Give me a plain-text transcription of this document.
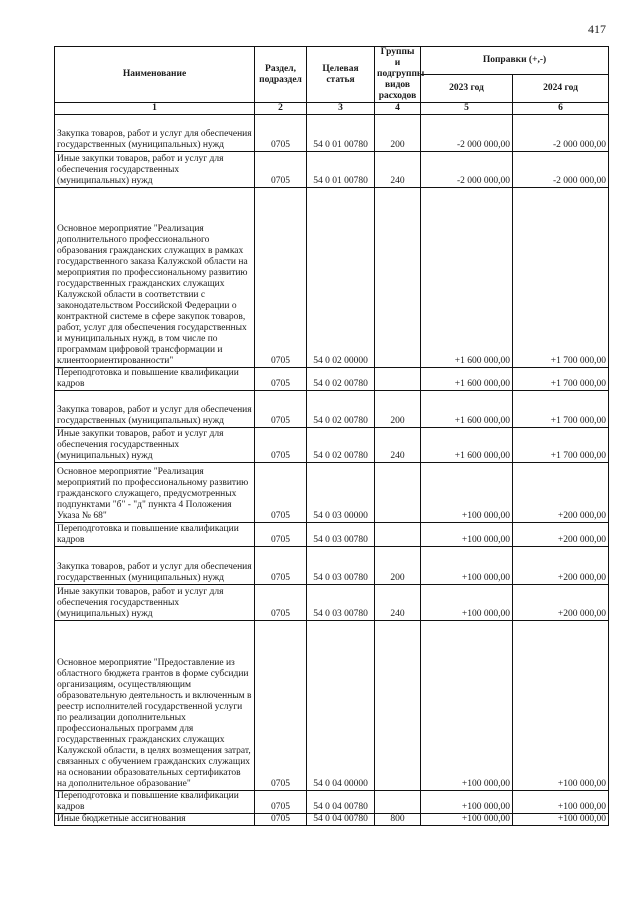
417
Наименование	Раздел, подраздел	Целевая статья	Группы и подгруппы видов расходов	Поправки (+,-)	
				2023 год	2024 год
1	2	3	4	5	6
Закупка товаров, работ и услуг для обеспечения государственных (муниципальных) нужд	0705	54 0 01 00780	200	-2 000 000,00	-2 000 000,00
Иные закупки товаров, работ и услуг для обеспечения государственных (муниципальных) нужд	0705	54 0 01 00780	240	-2 000 000,00	-2 000 000,00
Основное мероприятие "Реализация дополнительного профессионального образования гражданских служащих в рамках государственного заказа Калужской области на мероприятия по профессиональному развитию государственных гражданских служащих Калужской области в соответствии с законодательством Российской Федерации о контрактной системе в сфере закупок товаров, работ, услуг для обеспечения государственных и муниципальных нужд, в том числе по программам цифровой трансформации и клиентоориентированности"	0705	54 0 02 00000		+1 600 000,00	+1 700 000,00
Переподготовка и повышение квалификации кадров	0705	54 0 02 00780		+1 600 000,00	+1 700 000,00
Закупка товаров, работ и услуг для обеспечения государственных (муниципальных) нужд	0705	54 0 02 00780	200	+1 600 000,00	+1 700 000,00
Иные закупки товаров, работ и услуг для обеспечения государственных (муниципальных) нужд	0705	54 0 02 00780	240	+1 600 000,00	+1 700 000,00
Основное мероприятие "Реализация мероприятий по профессиональному развитию гражданского служащего, предусмотренных подпунктами "б" - "д" пункта 4 Положения Указа № 68"	0705	54 0 03 00000		+100 000,00	+200 000,00
Переподготовка и повышение квалификации кадров	0705	54 0 03 00780		+100 000,00	+200 000,00
Закупка товаров, работ и услуг для обеспечения государственных (муниципальных) нужд	0705	54 0 03 00780	200	+100 000,00	+200 000,00
Иные закупки товаров, работ и услуг для обеспечения государственных (муниципальных) нужд	0705	54 0 03 00780	240	+100 000,00	+200 000,00
Основное мероприятие "Предоставление из областного бюджета грантов в форме субсидии организациям, осуществляющим образовательную деятельность и включенным в реестр исполнителей государственной услуги по реализации дополнительных профессиональных программ для государственных гражданских служащих Калужской области, в целях возмещения затрат, связанных с обучением гражданских служащих на основании образовательных сертификатов на дополнительное образование"	0705	54 0 04 00000		+100 000,00	+100 000,00
Переподготовка и повышение квалификации кадров	0705	54 0 04 00780		+100 000,00	+100 000,00
Иные бюджетные ассигнования	0705	54 0 04 00780	800	+100 000,00	+100 000,00
